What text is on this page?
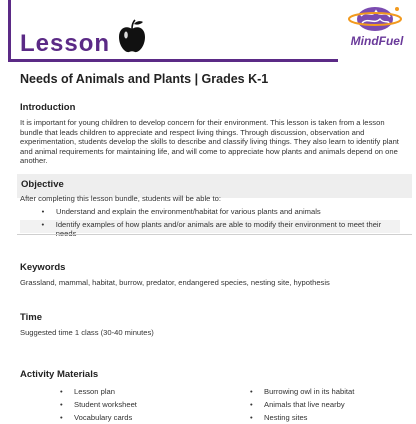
Lesson	MindFuel
Needs of Animals and Plants | Grades K-1
Introduction
It is important for young children to develop concern for their environment. This lesson is taken from a lesson bundle that leads children to appreciate and respect living things. Through discussion, observation and experimentation, students develop the skills to describe and classify living things. They also learn to identify plant and animal requirements for maintaining life, and will come to appreciate how plants and animals depend on one another.
Objective
After completing this lesson bundle, students will be able to:
•	Understand and explain the environment/habitat for various plants and animals
•	Identify examples of how plants and/or animals are able to modify their environment to meet their
Keywords
Grassland, mammal, habitat, burrow, predator, endangered species, nesting site, hypothesis
Time
Suggested time 1 class (30-40 minutes)
Activity Materials
•	Lesson plan
•	Student worksheet
•	Vocabulary cards
•	Burrowing owl in its habitat
•	Animals that live nearby
•	Nesting sites
